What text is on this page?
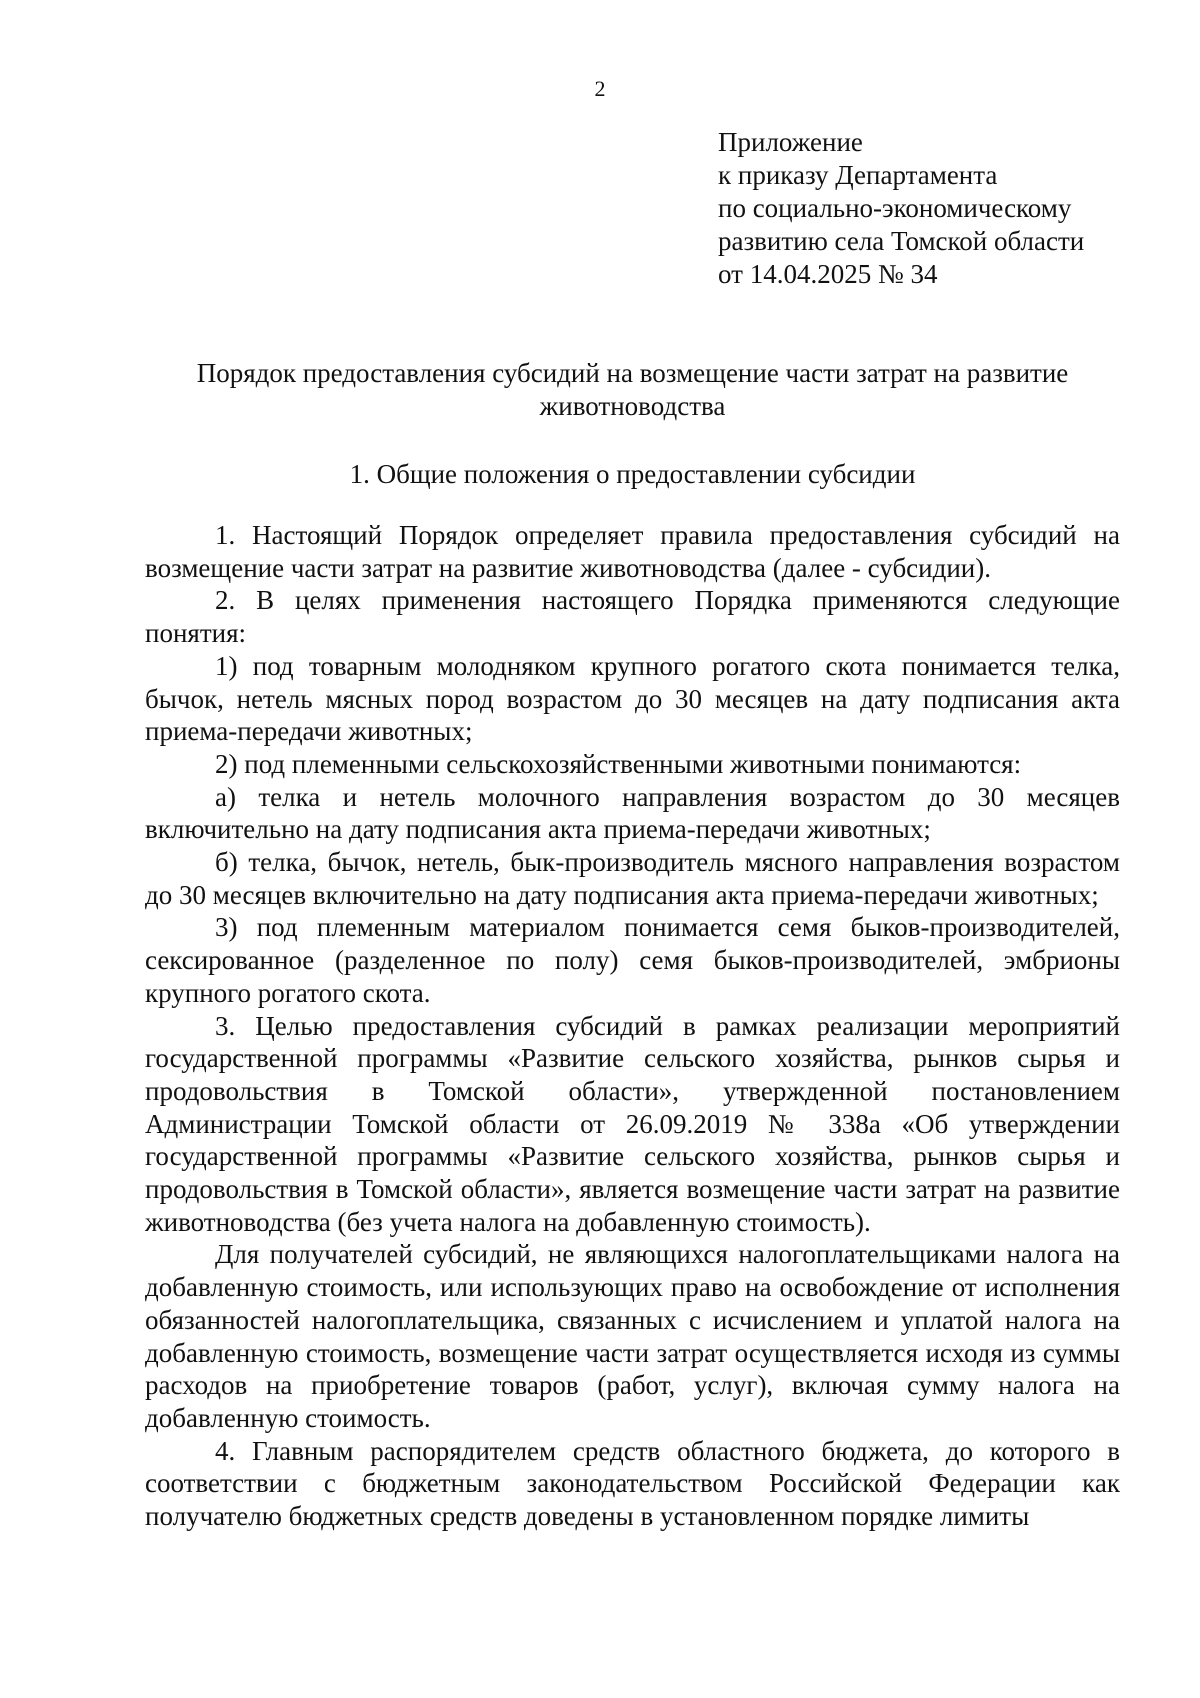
2
Приложение
к приказу Департамента
по социально-экономическому
развитию села Томской области
от 14.04.2025 № 34
Порядок предоставления субсидий на возмещение части затрат на развитие животноводства
1. Общие положения о предоставлении субсидии

1. Настоящий Порядок определяет правила предоставления субсидий на возмещение части затрат на развитие животноводства (далее - субсидии).

2. В целях применения настоящего Порядка применяются следующие понятия:

1) под товарным молодняком крупного рогатого скота понимается телка, бычок, нетель мясных пород возрастом до 30 месяцев на дату подписания акта приема-передачи животных;

2) под племенными сельскохозяйственными животными понимаются:

а) телка и нетель молочного направления возрастом до 30 месяцев включительно на дату подписания акта приема-передачи животных;

б) телка, бычок, нетель, бык-производитель мясного направления возрастом до 30 месяцев включительно на дату подписания акта приема-передачи животных;

3) под племенным материалом понимается семя быков-производителей, сексированное (разделенное по полу) семя быков-производителей, эмбрионы крупного рогатого скота.

3. Целью предоставления субсидий в рамках реализации мероприятий государственной программы «Развитие сельского хозяйства, рынков сырья и продовольствия в Томской области», утвержденной постановлением Администрации Томской области от 26.09.2019 № 338а «Об утверждении государственной программы «Развитие сельского хозяйства, рынков сырья и продовольствия в Томской области», является возмещение части затрат на развитие животноводства (без учета налога на добавленную стоимость).

Для получателей субсидий, не являющихся налогоплательщиками налога на добавленную стоимость, или использующих право на освобождение от исполнения обязанностей налогоплательщика, связанных с исчислением и уплатой налога на добавленную стоимость, возмещение части затрат осуществляется исходя из суммы расходов на приобретение товаров (работ, услуг), включая сумму налога на добавленную стоимость.

4. Главным распорядителем средств областного бюджета, до которого в соответствии с бюджетным законодательством Российской Федерации как получателю бюджетных средств доведены в установленном порядке лимиты
